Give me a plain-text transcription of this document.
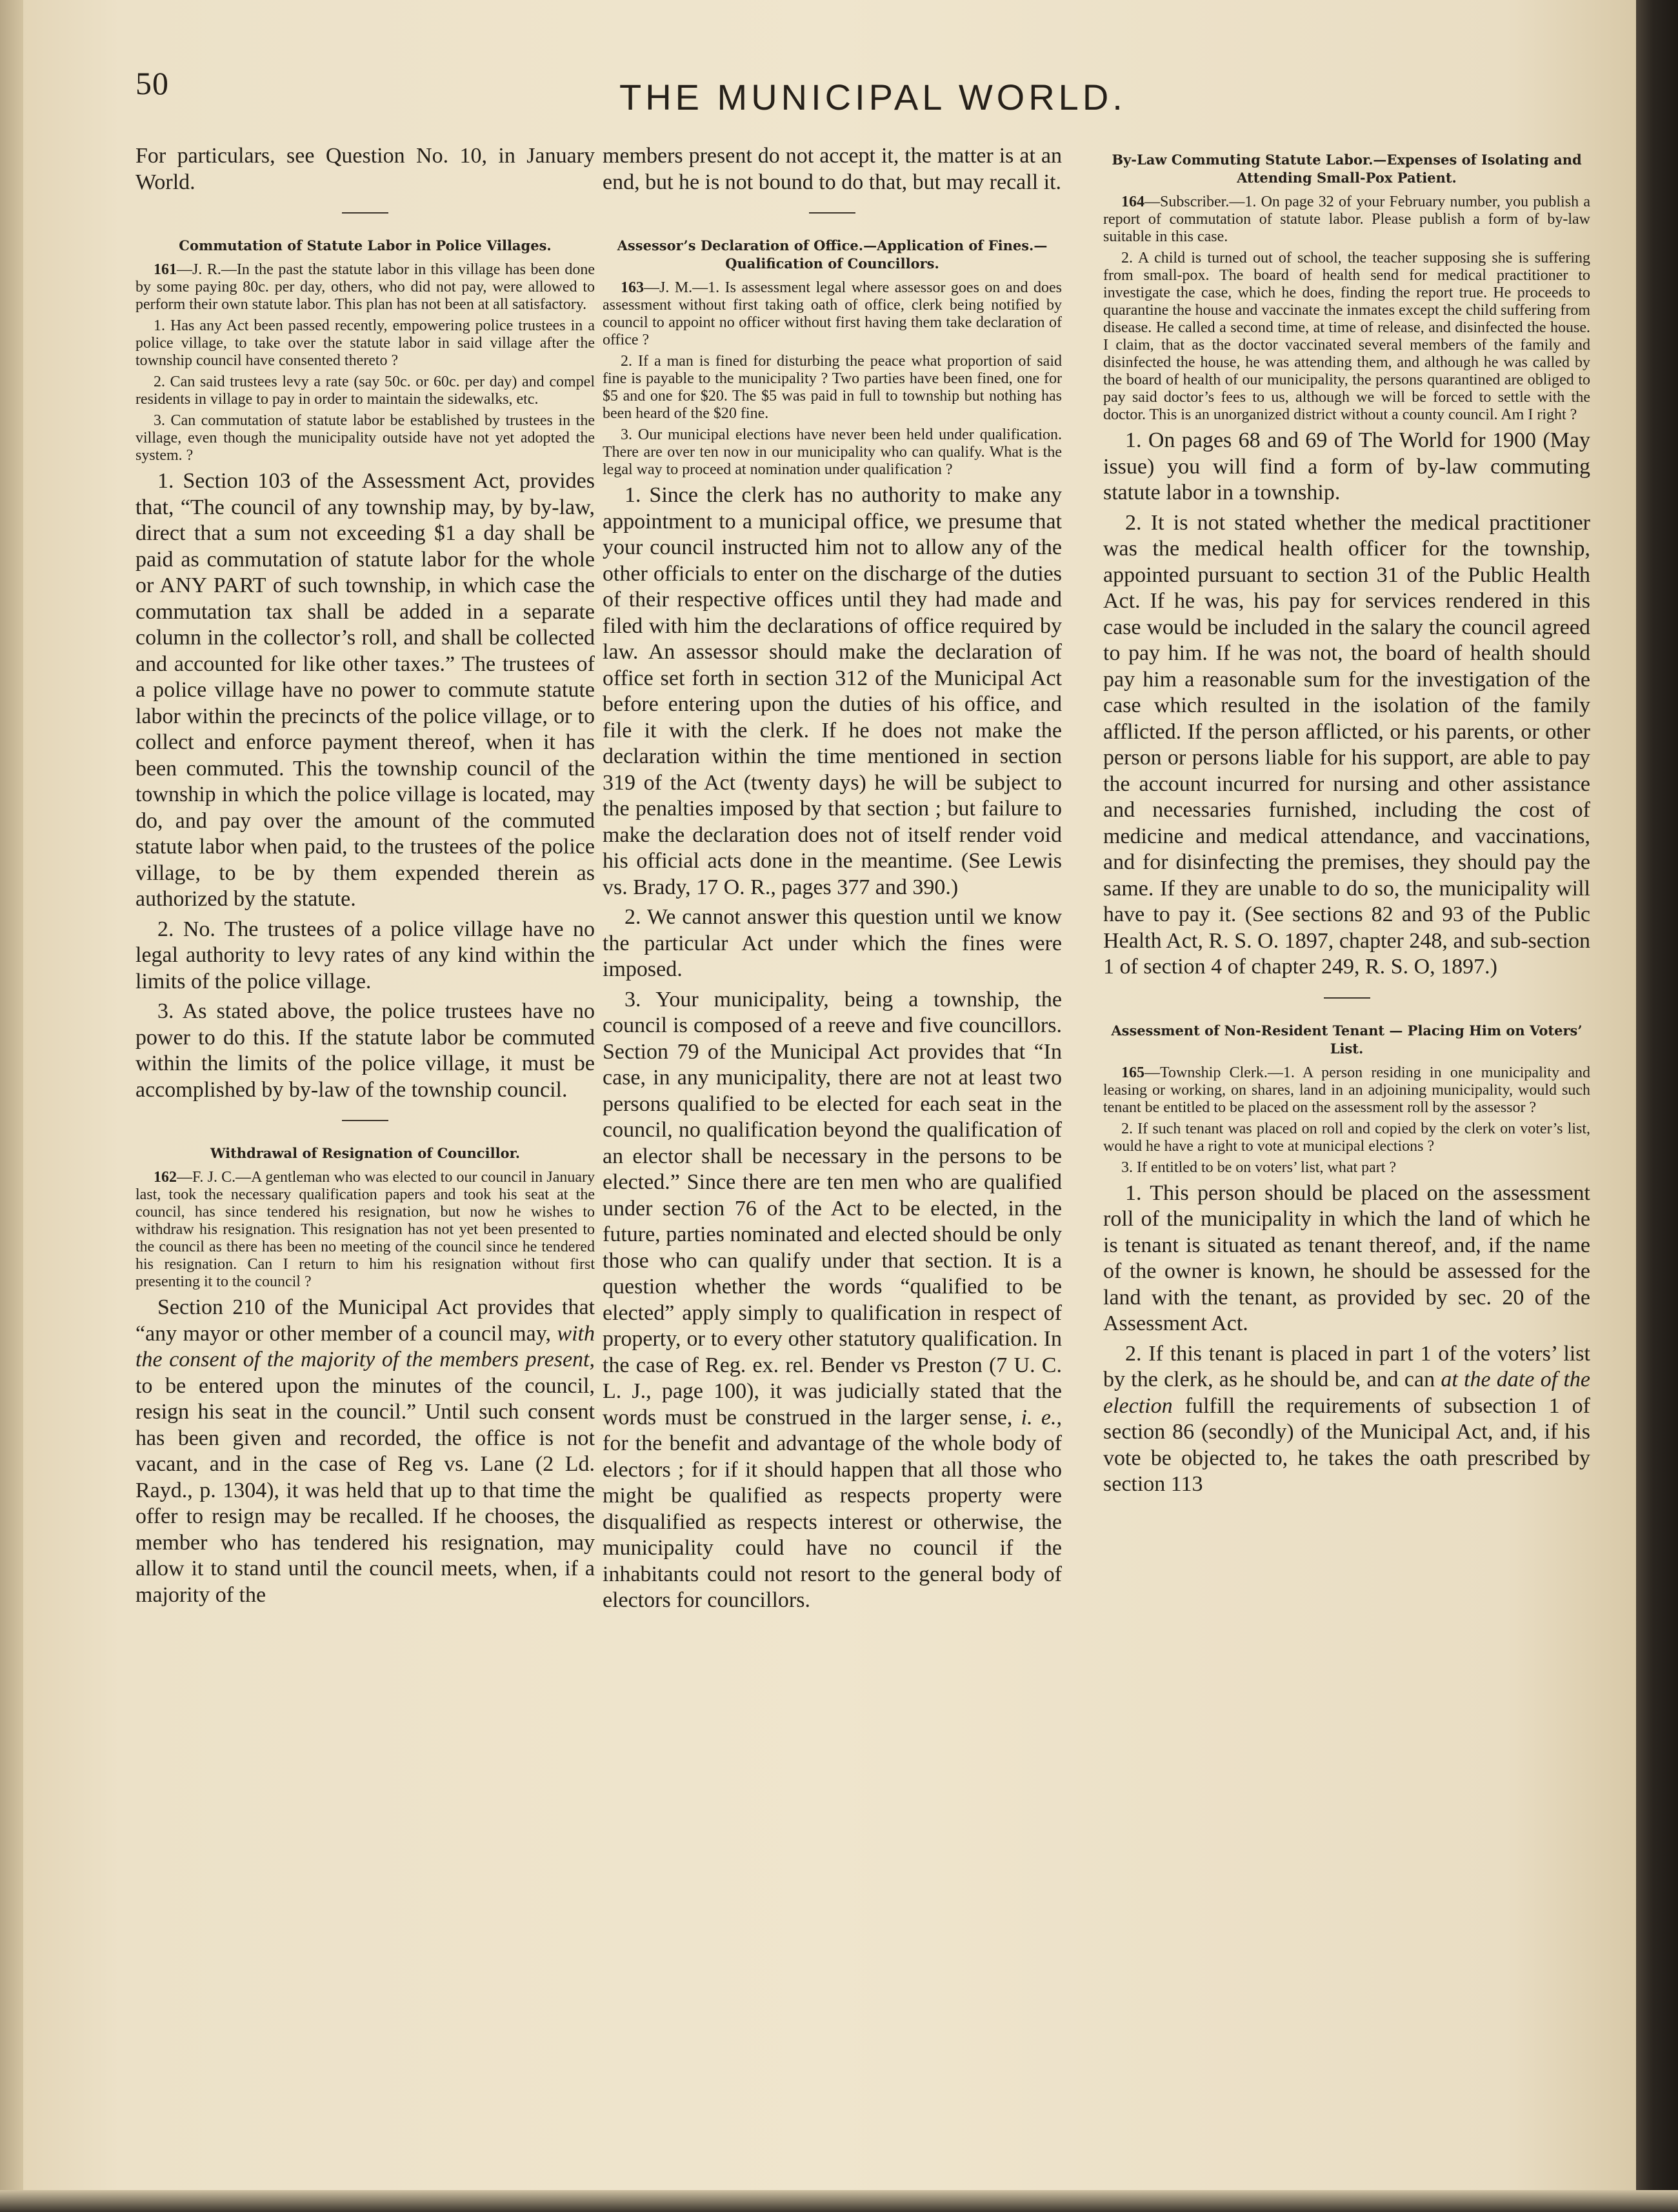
50	THE MUNICIPAL WORLD.

For particulars, see Question No. 10, in January World.

Commutation of Statute Labor in Police Villages.

161—J. R.—In the past the statute labor in this village has been done by some paying 80c. per day, others, who did not pay, were allowed to perform their own statute labor. This plan has not been at all satisfactory.

1. Has any Act been passed recently, empowering police trustees in a police village, to take over the statute labor in said village after the township council have consented thereto ?

2. Can said trustees levy a rate (say 50c. or 60c. per day) and compel residents in village to pay in order to maintain the sidewalks, etc.

3. Can commutation of statute labor be established by trustees in the village, even though the municipality outside have not yet adopted the system. ?

1. Section 103 of the Assessment Act, provides that, “The council of any township may, by by-law, direct that a sum not exceeding $1 a day shall be paid as commutation of statute labor for the whole or ANY PART of such township, in which case the commutation tax shall be added in a separate column in the collector’s roll, and shall be collected and accounted for like other taxes.” The trustees of a police village have no power to commute statute labor within the precincts of the police village, or to collect and enforce payment thereof, when it has been commuted. This the township council of the township in which the police village is located, may do, and pay over the amount of the commuted statute labor when paid, to the trustees of the police village, to be by them expended therein as authorized by the statute.

2. No. The trustees of a police village have no legal authority to levy rates of any kind within the limits of the police village.

3. As stated above, the police trustees have no power to do this. If the statute labor be commuted within the limits of the police village, it must be accomplished by by-law of the township council.

Withdrawal of Resignation of Councillor.

162—F. J. C.—A gentleman who was elected to our council in January last, took the necessary qualification papers and took his seat at the council, has since tendered his resignation, but now he wishes to withdraw his resignation. This resignation has not yet been presented to the council as there has been no meeting of the council since he tendered his resignation. Can I return to him his resignation without first presenting it to the council ?

Section 210 of the Municipal Act provides that “any mayor or other member of a council may, with the consent of the majority of the members present, to be entered upon the minutes of the council, resign his seat in the council.” Until such consent has been given and recorded, the office is not vacant, and in the case of Reg vs. Lane (2 Ld. Rayd., p. 1304), it was held that up to that time the offer to resign may be recalled. If he chooses, the member who has tendered his resignation, may allow it to stand until the council meets, when, if a majority of the

members present do not accept it, the matter is at an end, but he is not bound to do that, but may recall it.

Assessor’s Declaration of Office.—Application of Fines.—Qualification of Councillors.

163—J. M.—1. Is assessment legal where assessor goes on and does assessment without first taking oath of office, clerk being notified by council to appoint no officer without first having them take declaration of office ?

2. If a man is fined for disturbing the peace what proportion of said fine is payable to the municipality ? Two parties have been fined, one for $5 and one for $20. The $5 was paid in full to township but nothing has been heard of the $20 fine.

3. Our municipal elections have never been held under qualification. There are over ten now in our municipality who can qualify. What is the legal way to proceed at nomination under qualification ?

1. Since the clerk has no authority to make any appointment to a municipal office, we presume that your council instructed him not to allow any of the other officials to enter on the discharge of the duties of their respective offices until they had made and filed with him the declarations of office required by law. An assessor should make the declaration of office set forth in section 312 of the Municipal Act before entering upon the duties of his office, and file it with the clerk. If he does not make the declaration within the time mentioned in section 319 of the Act (twenty days) he will be subject to the penalties imposed by that section ; but failure to make the declaration does not of itself render void his official acts done in the meantime. (See Lewis vs. Brady, 17 O. R., pages 377 and 390.)

2. We cannot answer this question until we know the particular Act under which the fines were imposed.

3. Your municipality, being a township, the council is composed of a reeve and five councillors. Section 79 of the Municipal Act provides that “In case, in any municipality, there are not at least two persons qualified to be elected for each seat in the council, no qualification beyond the qualification of an elector shall be necessary in the persons to be elected.” Since there are ten men who are qualified under section 76 of the Act to be elected, in the future, parties nominated and elected should be only those who can qualify under that section. It is a question whether the words “qualified to be elected” apply simply to qualification in respect of property, or to every other statutory qualification. In the case of Reg. ex. rel. Bender vs Preston (7 U. C. L. J., page 100), it was judicially stated that the words must be construed in the larger sense, i. e., for the benefit and advantage of the whole body of electors ; for if it should happen that all those who might be qualified as respects property were disqualified as respects interest or otherwise, the municipality could have no council if the inhabitants could not resort to the general body of electors for councillors.

By-Law Commuting Statute Labor.—Expenses of Isolating and Attending Small-Pox Patient.

164—Subscriber.—1. On page 32 of your February number, you publish a report of commutation of statute labor. Please publish a form of by-law suitable in this case.

2. A child is turned out of school, the teacher supposing she is suffering from small-pox. The board of health send for medical practitioner to investigate the case, which he does, finding the report true. He proceeds to quarantine the house and vaccinate the inmates except the child suffering from disease. He called a second time, at time of release, and disinfected the house. I claim, that as the doctor vaccinated several members of the family and disinfected the house, he was attending them, and although he was called by the board of health of our municipality, the persons quarantined are obliged to pay said doctor’s fees to us, although we will be forced to settle with the doctor. This is an unorganized district without a county council. Am I right ?

1. On pages 68 and 69 of The World for 1900 (May issue) you will find a form of by-law commuting statute labor in a township.

2. It is not stated whether the medical practitioner was the medical health officer for the township, appointed pursuant to section 31 of the Public Health Act. If he was, his pay for services rendered in this case would be included in the salary the council agreed to pay him. If he was not, the board of health should pay him a reasonable sum for the investigation of the case which resulted in the isolation of the family afflicted. If the person afflicted, or his parents, or other person or persons liable for his support, are able to pay the account incurred for nursing and other assistance and necessaries furnished, including the cost of medicine and medical attendance, and vaccinations, and for disinfecting the premises, they should pay the same. If they are unable to do so, the municipality will have to pay it. (See sections 82 and 93 of the Public Health Act, R. S. O. 1897, chapter 248, and sub-section 1 of section 4 of chapter 249, R. S. O, 1897.)

Assessment of Non-Resident Tenant — Placing Him on Voters’ List.

165—Township Clerk.—1. A person residing in one municipality and leasing or working, on shares, land in an adjoining municipality, would such tenant be entitled to be placed on the assessment roll by the assessor ?

2. If such tenant was placed on roll and copied by the clerk on voter’s list, would he have a right to vote at municipal elections ?

3. If entitled to be on voters’ list, what part ?

1. This person should be placed on the assessment roll of the municipality in which the land of which he is tenant is situated as tenant thereof, and, if the name of the owner is known, he should be assessed for the land with the tenant, as provided by sec. 20 of the Assessment Act.

2. If this tenant is placed in part 1 of the voters’ list by the clerk, as he should be, and can at the date of the election fulfill the requirements of subsection 1 of section 86 (secondly) of the Municipal Act, and, if his vote be objected to, he takes the oath prescribed by section 113
